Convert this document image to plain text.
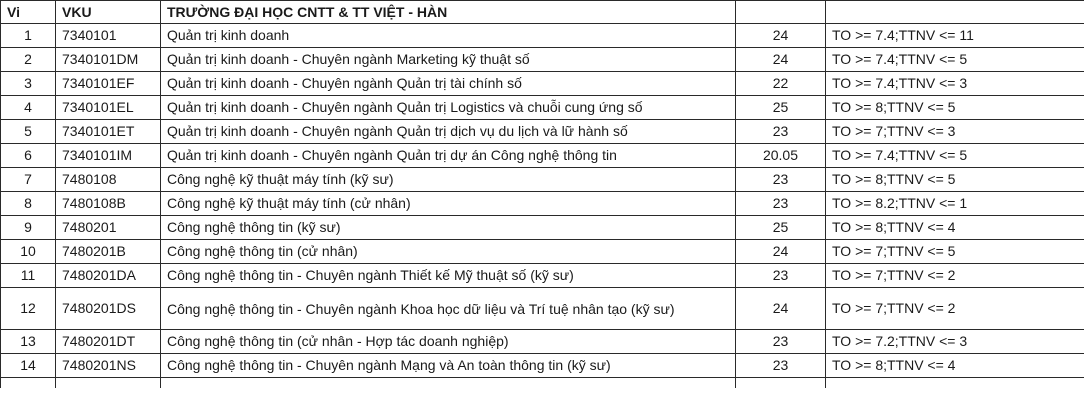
Vi	VKU	TRƯỜNG ĐẠI HỌC CNTT & TT VIỆT - HÀN		
1	7340101	Quản trị kinh doanh	24	TO >= 7.4;TTNV <= 11
2	7340101DM	Quản trị kinh doanh - Chuyên ngành Marketing kỹ thuật số	24	TO >= 7.4;TTNV <= 5
3	7340101EF	Quản trị kinh doanh - Chuyên ngành Quản trị tài chính số	22	TO >= 7.4;TTNV <= 3
4	7340101EL	Quản trị kinh doanh - Chuyên ngành Quản trị Logistics và chuỗi cung ứng số	25	TO >= 8;TTNV <= 5
5	7340101ET	Quản trị kinh doanh - Chuyên ngành Quản trị dịch vụ du lịch và lữ hành số	23	TO >= 7;TTNV <= 3
6	7340101IM	Quản trị kinh doanh - Chuyên ngành Quản trị dự án Công nghệ thông tin	20.05	TO >= 7.4;TTNV <= 5
7	7480108	Công nghệ kỹ thuật máy tính (kỹ sư)	23	TO >= 8;TTNV <= 5
8	7480108B	Công nghệ kỹ thuật máy tính (cử nhân)	23	TO >= 8.2;TTNV <= 1
9	7480201	Công nghệ thông tin (kỹ sư)	25	TO >= 8;TTNV <= 4
10	7480201B	Công nghệ thông tin (cử nhân)	24	TO >= 7;TTNV <= 5
11	7480201DA	Công nghệ thông tin - Chuyên ngành Thiết kế Mỹ thuật số (kỹ sư)	23	TO >= 7;TTNV <= 2
12	7480201DS	Công nghệ thông tin - Chuyên ngành Khoa học dữ liệu và Trí tuệ nhân tạo (kỹ sư)	24	TO >= 7;TTNV <= 2
13	7480201DT	Công nghệ thông tin (cử nhân - Hợp tác doanh nghiệp)	23	TO >= 7.2;TTNV <= 3
14	7480201NS	Công nghệ thông tin - Chuyên ngành Mạng và An toàn thông tin (kỹ sư)	23	TO >= 8;TTNV <= 4
